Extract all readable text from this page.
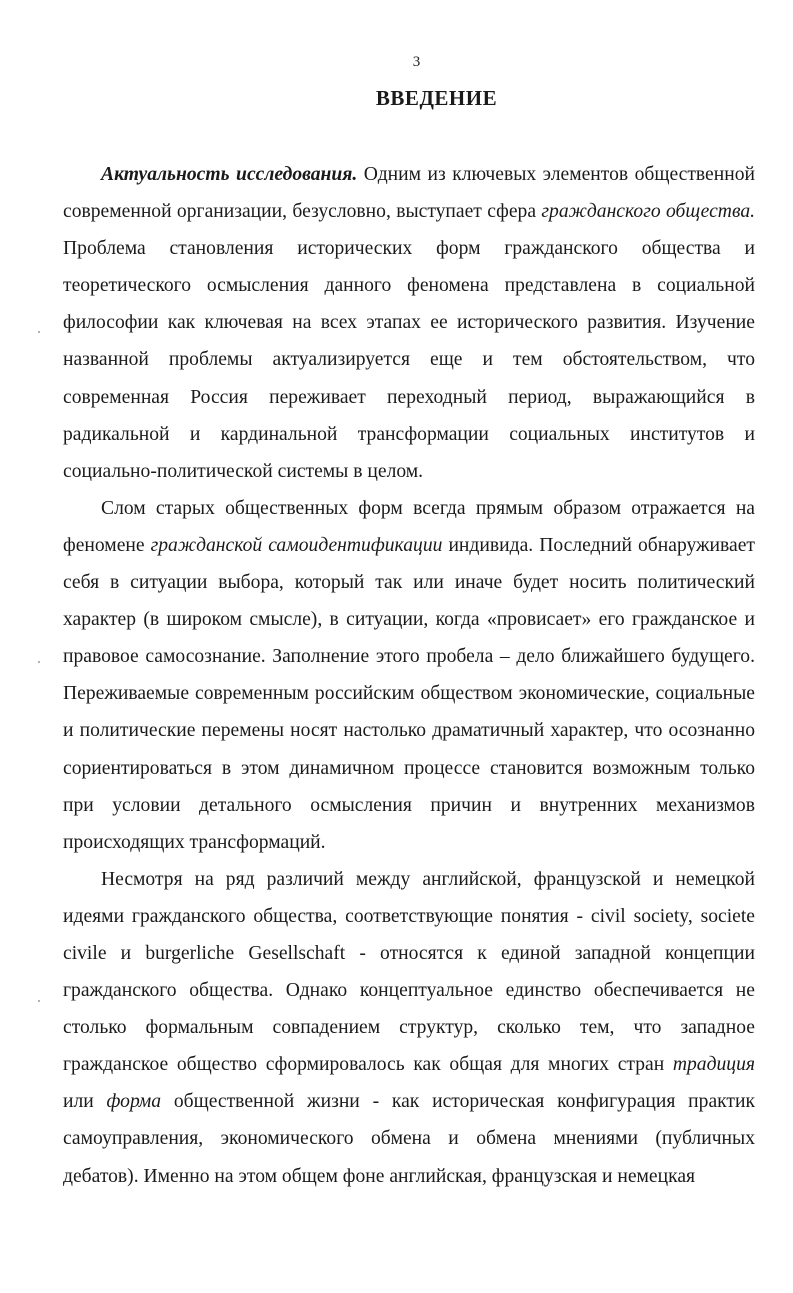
3
ВВЕДЕНИЕ

Актуальность исследования. Одним из ключевых элементов общественной современной организации, безусловно, выступает сфера гражданского общества. Проблема становления исторических форм гражданского общества и теоретического осмысления данного феномена представлена в социальной философии как ключевая на всех этапах ее исторического развития. Изучение названной проблемы актуализируется еще и тем обстоятельством, что современная Россия переживает переходный период, выражающийся в радикальной и кардинальной трансформации социальных институтов и социально-политической системы в целом.

Слом старых общественных форм всегда прямым образом отражается на феномене гражданской самоидентификации индивида. Последний обнаруживает себя в ситуации выбора, который так или иначе будет носить политический характер (в широком смысле), в ситуации, когда «провисает» его гражданское и правовое самосознание. Заполнение этого пробела – дело ближайшего будущего. Переживаемые современным российским обществом экономические, социальные и политические перемены носят настолько драматичный характер, что осознанно сориентироваться в этом динамичном процессе становится возможным только при условии детального осмысления причин и внутренних механизмов происходящих трансформаций.

Несмотря на ряд различий между английской, французской и немецкой идеями гражданского общества, соответствующие понятия - civil society, societe civile и burgerliche Gesellschaft - относятся к единой западной концепции гражданского общества. Однако концептуальное единство обеспечивается не столько формальным совпадением структур, сколько тем, что западное гражданское общество сформировалось как общая для многих стран традиция или форма общественной жизни - как историческая конфигурация практик самоуправления, экономического обмена и обмена мнениями (публичных дебатов). Именно на этом общем фоне английская, французская и немецкая
